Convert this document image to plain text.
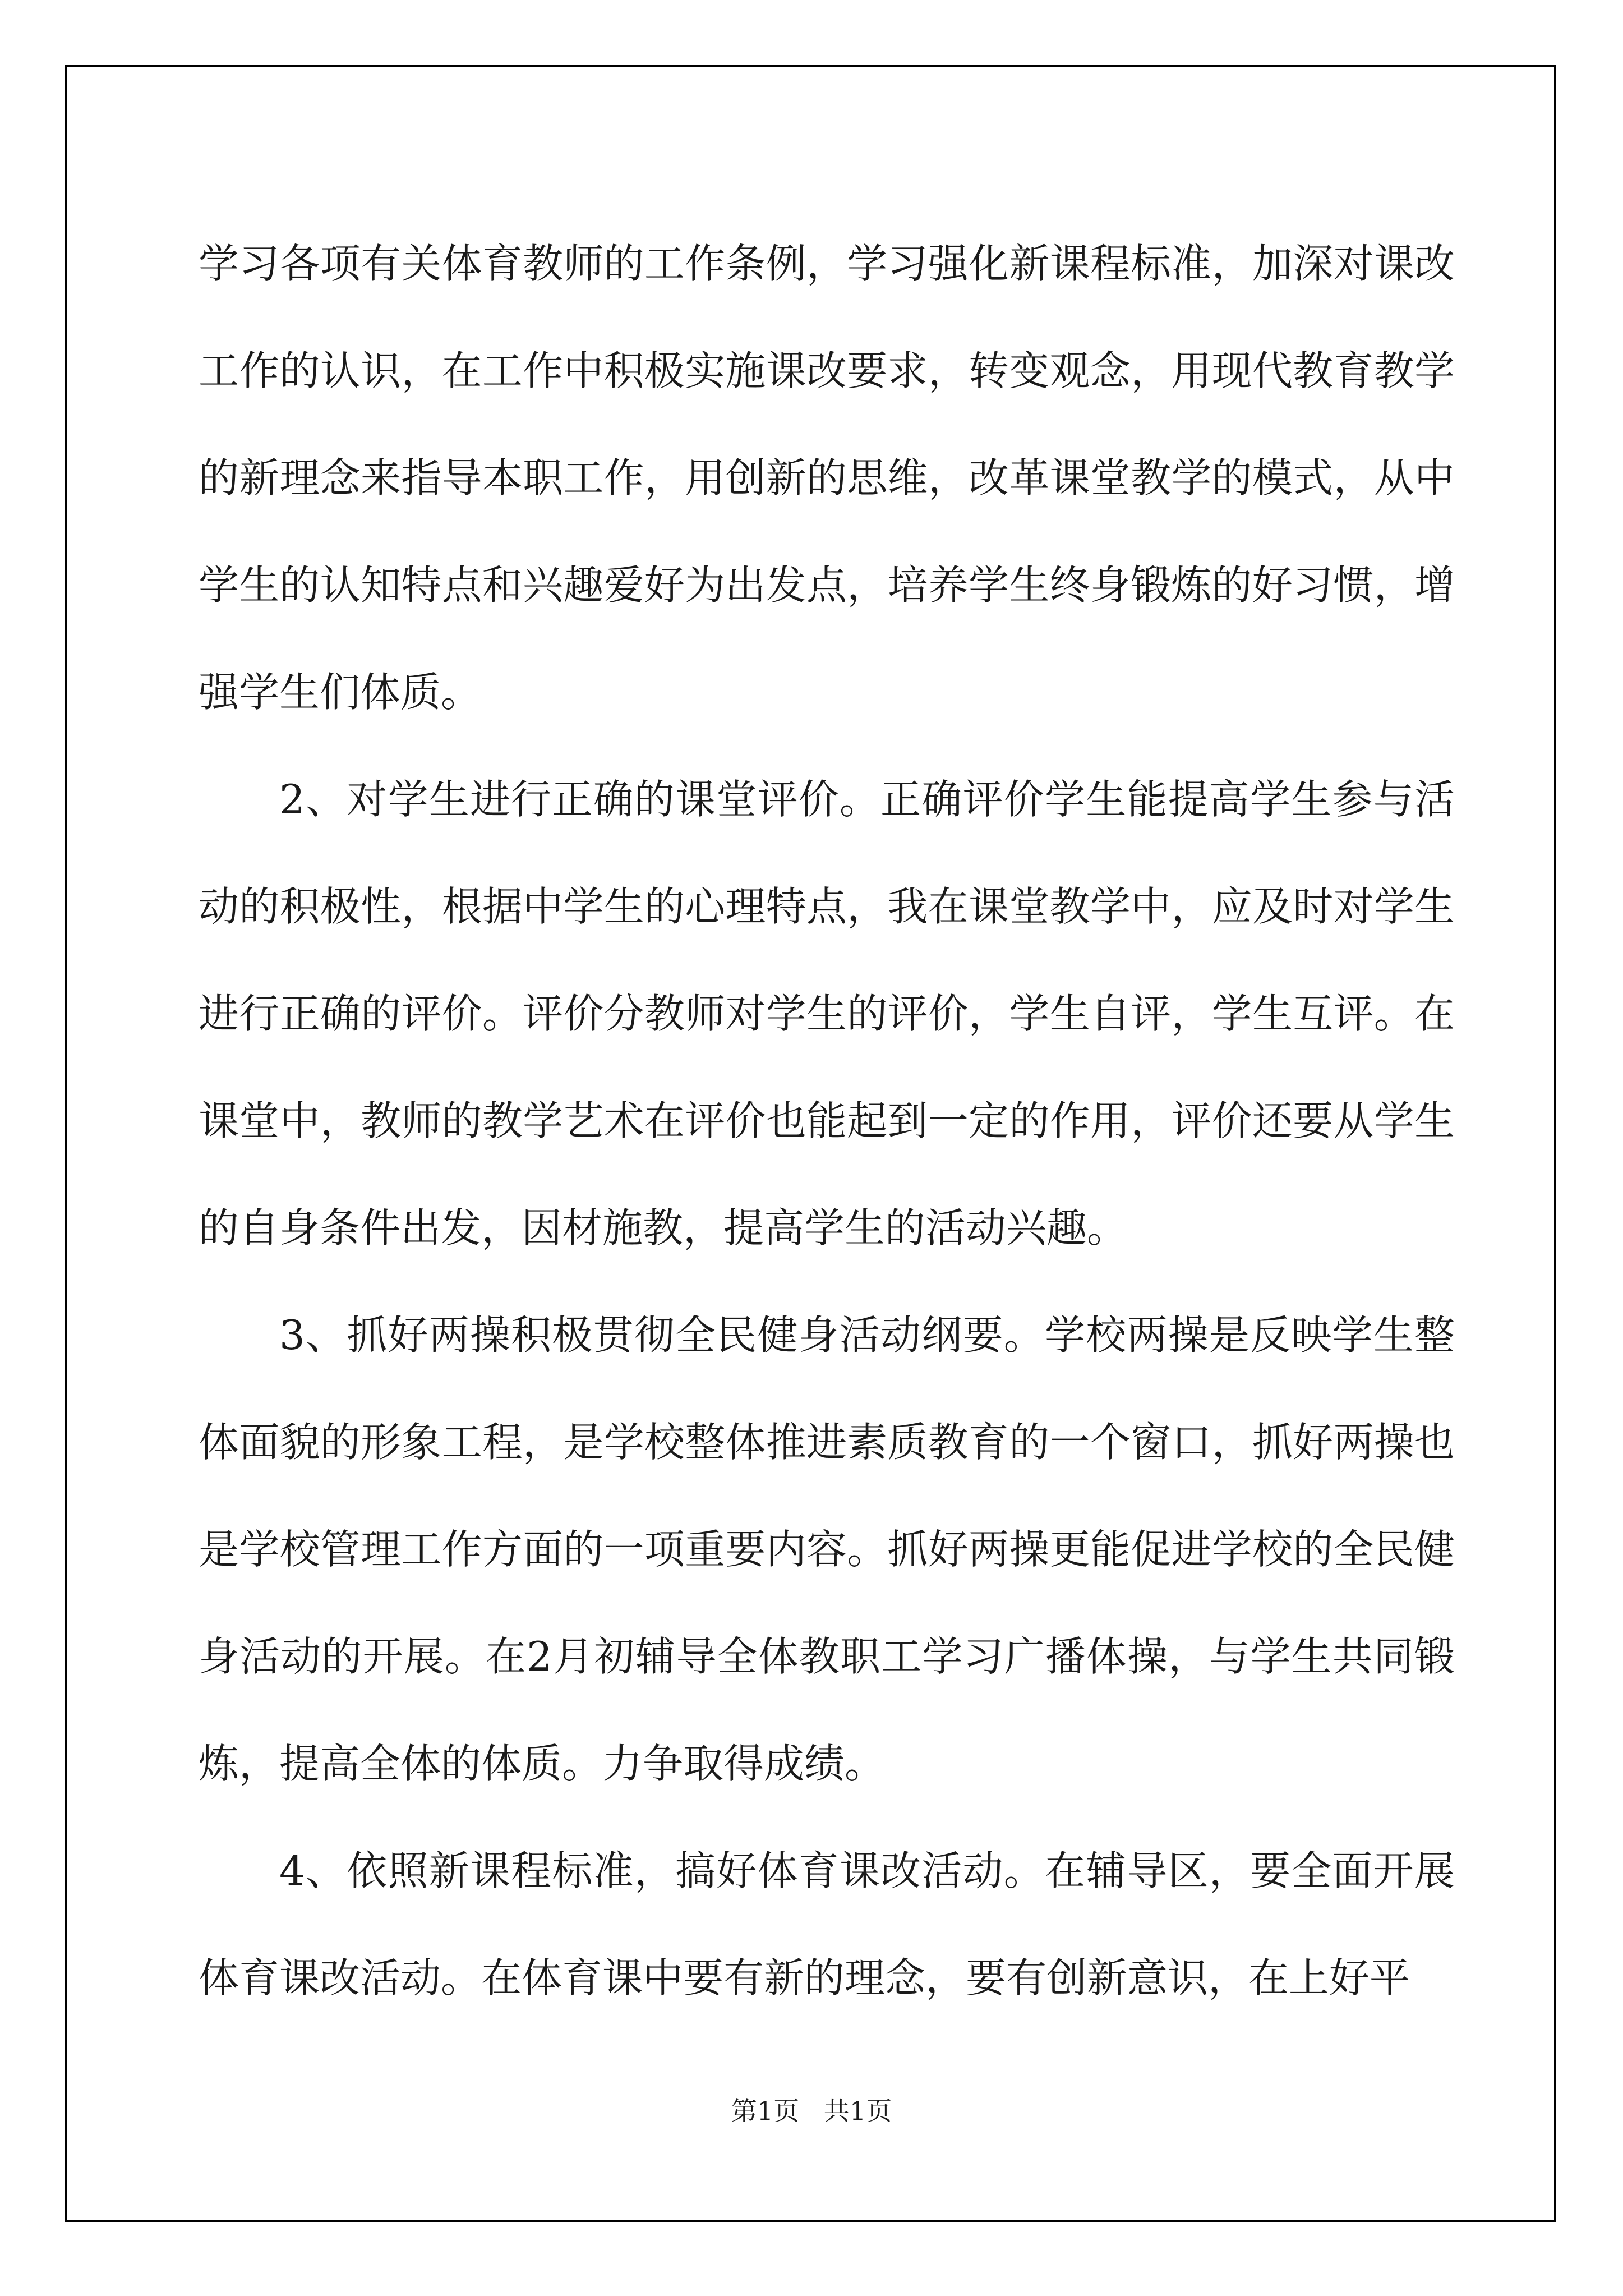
学习各项有关体育教师的工作条例，学习强化新课程标准，加深对课改工作的认识，在工作中积极实施课改要求，转变观念，用现代教育教学的新理念来指导本职工作，用创新的思维，改革课堂教学的模式，从中学生的认知特点和兴趣爱好为出发点，培养学生终身锻炼的好习惯，增强学生们体质。

2、对学生进行正确的课堂评价。正确评价学生能提高学生参与活动的积极性，根据中学生的心理特点，我在课堂教学中，应及时对学生进行正确的评价。评价分教师对学生的评价，学生自评，学生互评。在课堂中，教师的教学艺术在评价也能起到一定的作用，评价还要从学生的自身条件出发，因材施教，提高学生的活动兴趣。

3、抓好两操积极贯彻全民健身活动纲要。学校两操是反映学生整体面貌的形象工程，是学校整体推进素质教育的一个窗口，抓好两操也是学校管理工作方面的一项重要内容。抓好两操更能促进学校的全民健身活动的开展。在2月初辅导全体教职工学习广播体操，与学生共同锻炼，提高全体的体质。力争取得成绩。

4、依照新课程标准，搞好体育课改活动。在辅导区，要全面开展体育课改活动。在体育课中要有新的理念，要有创新意识，在上好平

第1页   共1页
